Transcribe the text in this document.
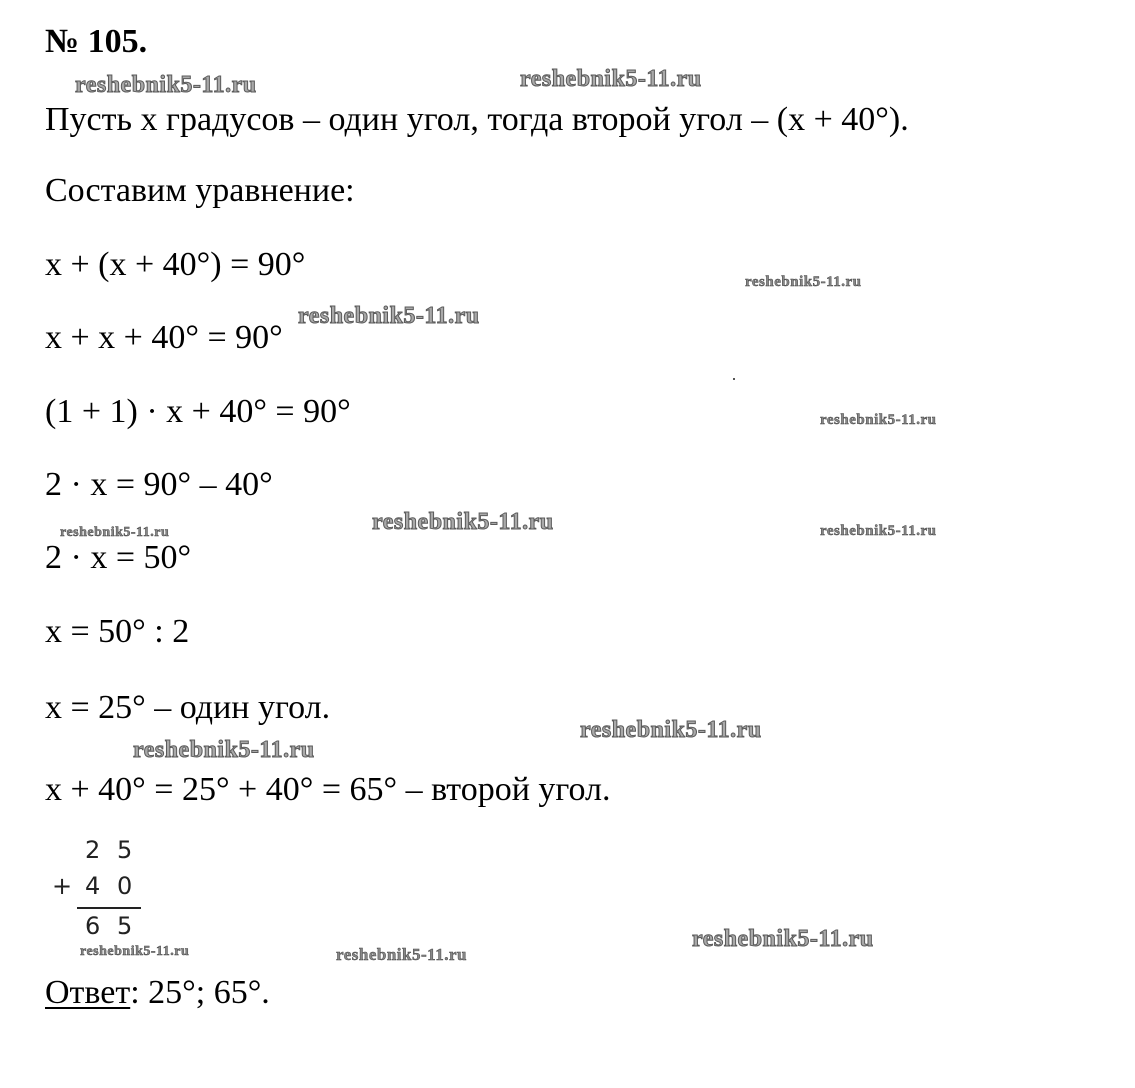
№ 105.
Пусть x градусов – один угол, тогда второй угол – (x + 40°).
Составим уравнение:
x + (x + 40°) = 90°
x + x + 40° = 90°
(1 + 1) · x + 40° = 90°
2 · x = 90° – 40°
2 · x = 50°
x = 50° : 2
x = 25° – один угол.
x + 40° = 25° + 40° = 65° – второй угол.
2 5
+ 4 0
6 5
Ответ: 25°; 65°.
reshebnik5-11.ru	reshebnik5-11.ru
reshebnik5-11.ru
reshebnik5-11.ru
reshebnik5-11.ru
reshebnik5-11.ru	reshebnik5-11.ru	reshebnik5-11.ru
reshebnik5-11.ru
reshebnik5-11.ru
reshebnik5-11.ru	reshebnik5-11.ru
reshebnik5-11.ru
